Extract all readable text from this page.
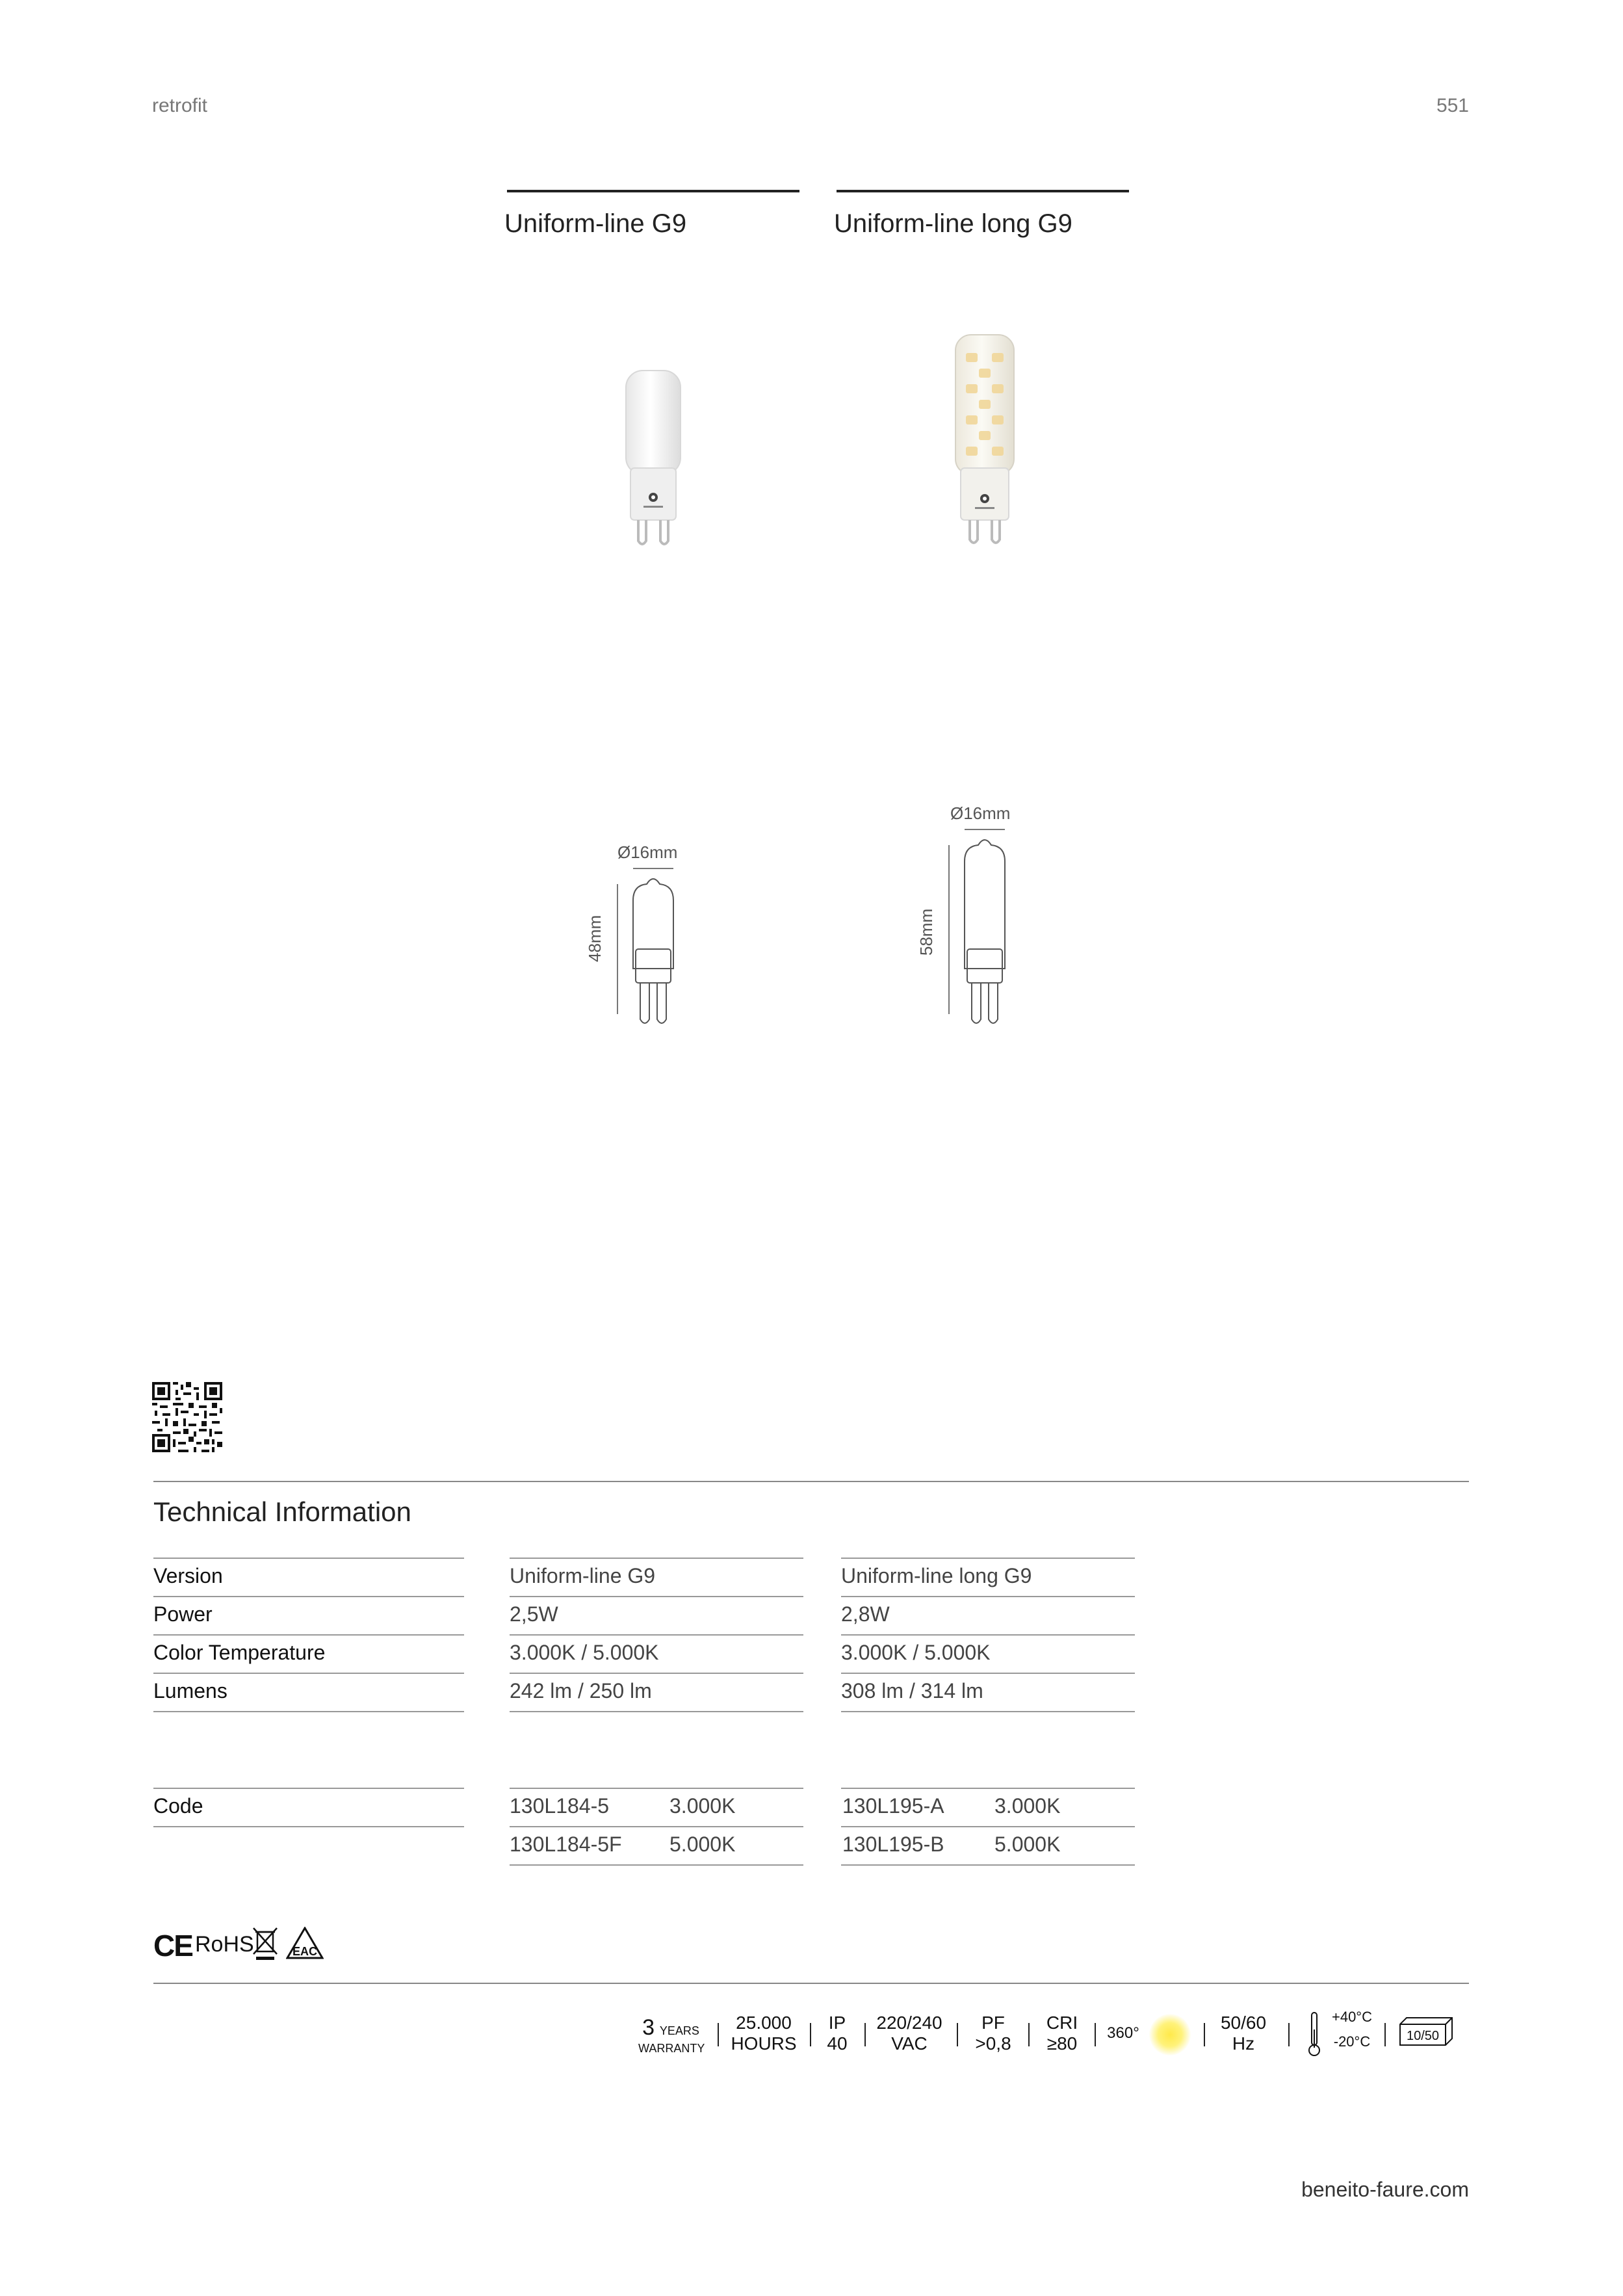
retrofit	551
Uniform-line G9	Uniform-line long G9
Ø16mm
48mm
Ø16mm
58mm
Technical Information
Version	Uniform-line G9	Uniform-line long G9
Power	2,5W	2,8W
Color Temperature	3.000K / 5.000K	3.000K / 5.000K
Lumens	242 lm / 250 lm	308 lm / 314 lm
Code	130L184-5	3.000K	130L195-A 3.000K
130L184-5F 5.000K	130L195-B 5.000K
CE RoHS	EAC
3 YEARS
WARRANTY
25.000
HOURS
IP
40
220/240
VAC
PF
>0,8
CRI
≥80
360°
50/60
Hz
+40°C
-20°C	10/50
beneito-faure.com
